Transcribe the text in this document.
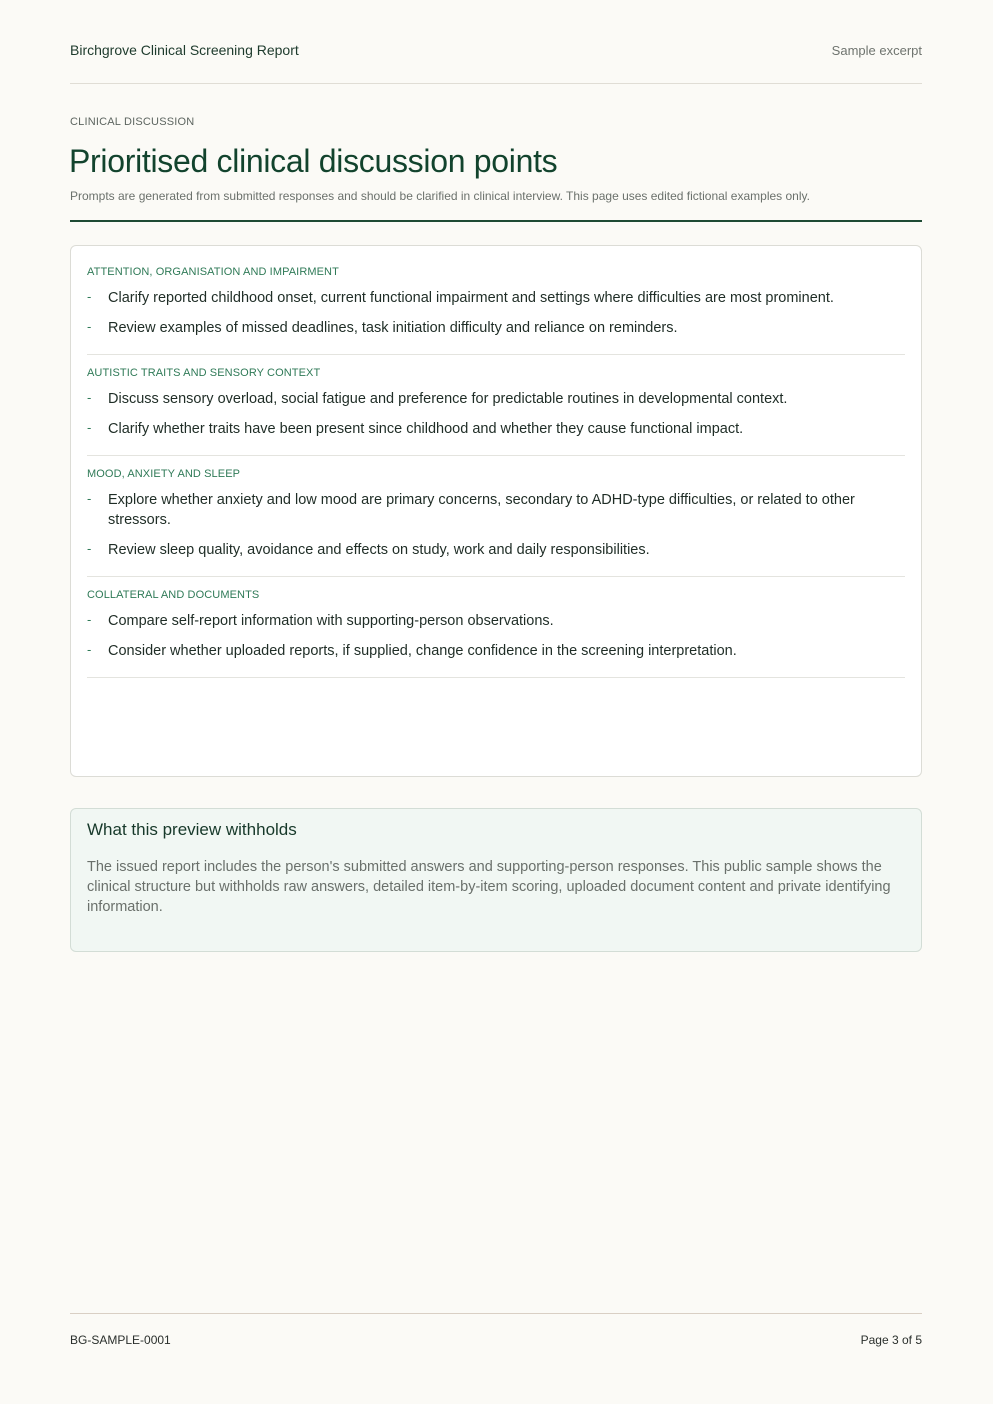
Birchgrove Clinical Screening Report	Sample excerpt
CLINICAL DISCUSSION
Prioritised clinical discussion points
Prompts are generated from submitted responses and should be clarified in clinical interview. This page uses edited fictional examples only.
ATTENTION, ORGANISATION AND IMPAIRMENT
-	Clarify reported childhood onset, current functional impairment and settings where difficulties are most prominent.
-	Review examples of missed deadlines, task initiation difficulty and reliance on reminders.
AUTISTIC TRAITS AND SENSORY CONTEXT
-	Discuss sensory overload, social fatigue and preference for predictable routines in developmental context.
-	Clarify whether traits have been present since childhood and whether they cause functional impact.
MOOD, ANXIETY AND SLEEP
-	Explore whether anxiety and low mood are primary concerns, secondary to ADHD-type difficulties, or related to other stressors.
-	Review sleep quality, avoidance and effects on study, work and daily responsibilities.
COLLATERAL AND DOCUMENTS
-	Compare self-report information with supporting-person observations.
-	Consider whether uploaded reports, if supplied, change confidence in the screening interpretation.
What this preview withholds

The issued report includes the person's submitted answers and supporting-person responses. This public sample shows the clinical structure but withholds raw answers, detailed item-by-item scoring, uploaded document content and private identifying information.

BG-SAMPLE-0001	Page 3 of 5
